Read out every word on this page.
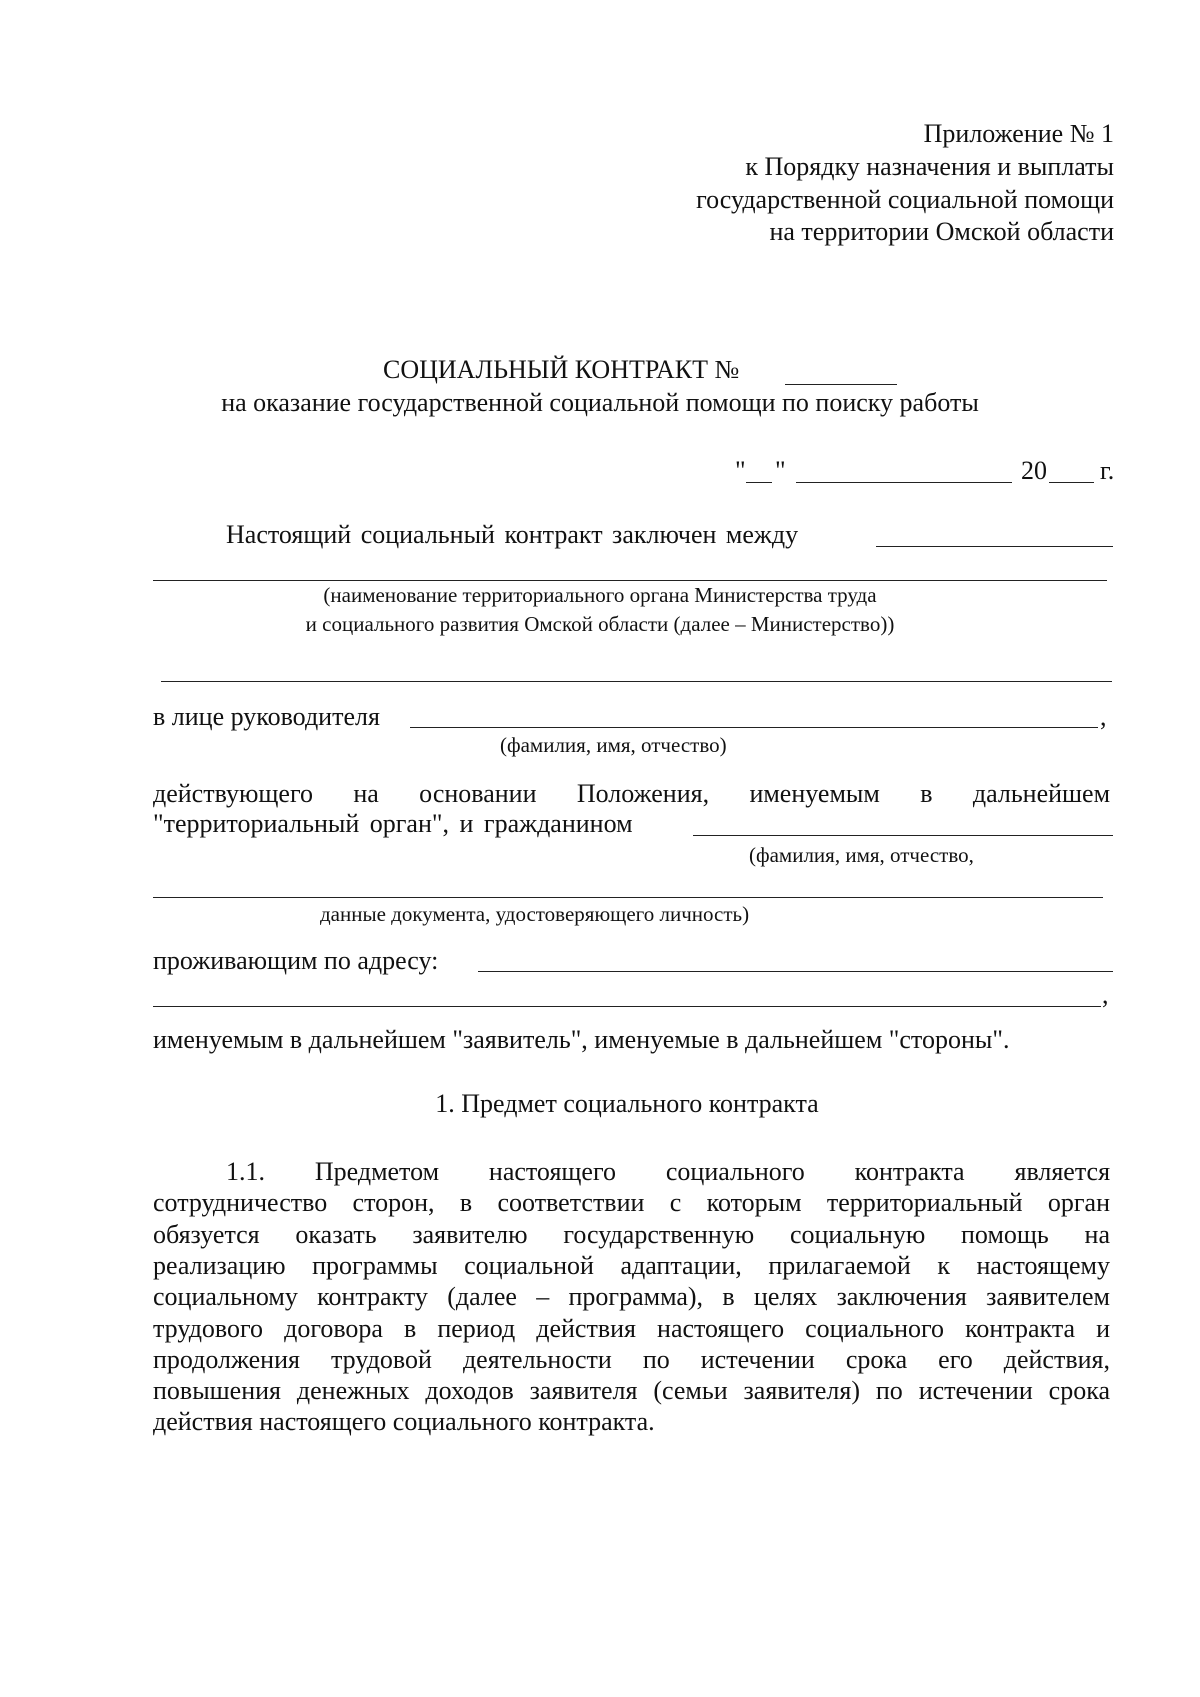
Приложение № 1
к Порядку назначения и выплаты
государственной социальной помощи
на территории Омской области
СОЦИАЛЬНЫЙ КОНТРАКТ №
на оказание государственной социальной помощи по поиску работы
" "	20 г.
Настоящий социальный контракт заключен между
(наименование территориального органа Министерства труда
и социального развития Омской области (далее – Министерство))
в лице руководителя	,
(фамилия, имя, отчество)
действующего на основании Положения, именуемым в дальнейшем
"территориальный орган", и гражданином
(фамилия, имя, отчество,
данные документа, удостоверяющего личность)
проживающим по адресу:
,
именуемым в дальнейшем "заявитель", именуемые в дальнейшем "стороны".
1. Предмет социального контракта
1.1. Предметом настоящего социального контракта является
сотрудничество сторон, в соответствии с которым территориальный орган
обязуется оказать заявителю государственную социальную помощь на
реализацию программы социальной адаптации, прилагаемой к настоящему
социальному контракту (далее – программа), в целях заключения заявителем
трудового договора в период действия настоящего социального контракта и
продолжения трудовой деятельности по истечении срока его действия,
повышения денежных доходов заявителя (семьи заявителя) по истечении срока
действия настоящего социального контракта.
